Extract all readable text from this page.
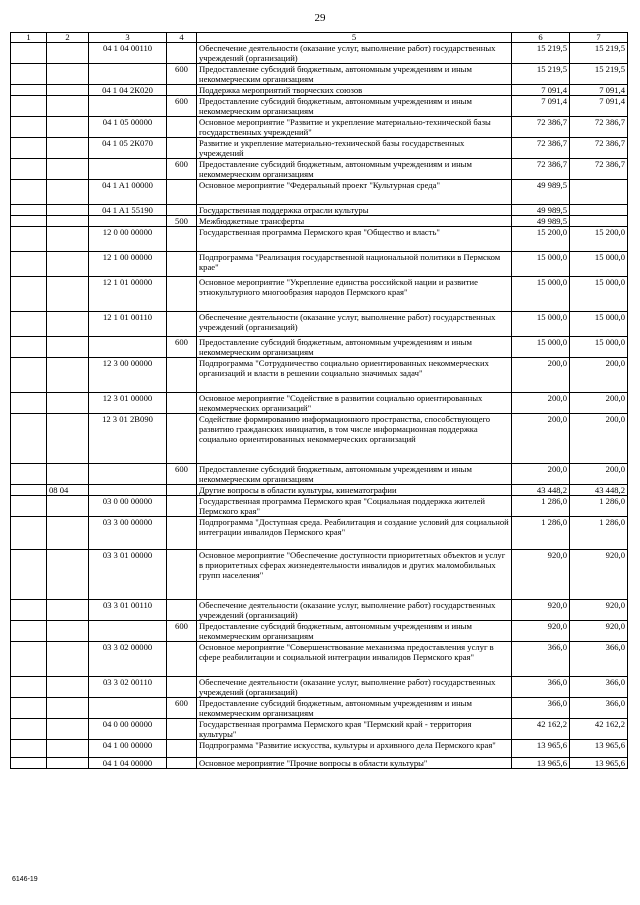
29
1	2	3	4	5	6	7
		04 1 04 00110		Обеспечение деятельности (оказание услуг, выполнение работ) государственных учреждений (организаций)	15 219,5	15 219,5
			600	Предоставление субсидий бюджетным, автономным учреждениям и иным некоммерческим организациям	15 219,5	15 219,5
		04 1 04 2К020		Поддержка мероприятий творческих союзов	7 091,4	7 091,4
			600	Предоставление субсидий бюджетным, автономным учреждениям и иным некоммерческим организациям	7 091,4	7 091,4
		04 1 05 00000		Основное мероприятие "Развитие и укрепление материально-технической базы государственных учреждений"	72 386,7	72 386,7
		04 1 05 2К070		Развитие и укрепление материально-технической базы государственных учреждений	72 386,7	72 386,7
			600	Предоставление субсидий бюджетным, автономным учреждениям и иным некоммерческим организациям	72 386,7	72 386,7
		04 1 A1 00000		Основное мероприятие "Федеральный проект "Культурная среда"	49 989,5	
		04 1 A1 55190		Государственная поддержка отрасли культуры	49 989,5	
			500	Межбюджетные трансферты	49 989,5	
		12 0 00 00000		Государственная программа Пермского края "Общество и власть"	15 200,0	15 200,0
		12 1 00 00000		Подпрограмма "Реализация государственной национальной политики в Пермском крае"	15 000,0	15 000,0
		12 1 01 00000		Основное мероприятие "Укрепление единства российской нации и развитие этнокультурного многообразия народов Пермского края"	15 000,0	15 000,0
		12 1 01 00110		Обеспечение деятельности (оказание услуг, выполнение работ) государственных учреждений (организаций)	15 000,0	15 000,0
			600	Предоставление субсидий бюджетным, автономным учреждениям и иным некоммерческим организациям	15 000,0	15 000,0
		12 3 00 00000		Подпрограмма "Сотрудничество социально ориентированных некоммерческих организаций и власти в решении социально значимых задач"	200,0	200,0
		12 3 01 00000		Основное мероприятие "Содействие в развитии социально ориентированных некоммерческих организаций"	200,0	200,0
		12 3 01 2В090		Содействие формированию информационного пространства, способствующего развитию гражданских инициатив, в том числе информационная поддержка социально ориентированных некоммерческих организаций	200,0	200,0
			600	Предоставление субсидий бюджетным, автономным учреждениям и иным некоммерческим организациям	200,0	200,0
	08 04			Другие вопросы в области культуры, кинематографии	43 448,2	43 448,2
		03 0 00 00000		Государственная программа Пермского края "Социальная поддержка жителей Пермского края"	1 286,0	1 286,0
		03 3 00 00000		Подпрограмма "Доступная среда. Реабилитация и создание условий для социальной интеграции инвалидов Пермского края"	1 286,0	1 286,0
		03 3 01 00000		Основное мероприятие "Обеспечение доступности приоритетных объектов и услуг в приоритетных сферах жизнедеятельности инвалидов и других маломобильных групп населения"	920,0	920,0
		03 3 01 00110		Обеспечение деятельности (оказание услуг, выполнение работ) государственных учреждений (организаций)	920,0	920,0
			600	Предоставление субсидий бюджетным, автономным учреждениям и иным некоммерческим организациям	920,0	920,0
		03 3 02 00000		Основное мероприятие "Совершенствование механизма предоставления услуг в сфере реабилитации и социальной интеграции инвалидов Пермского края"	366,0	366,0
		03 3 02 00110		Обеспечение деятельности (оказание услуг, выполнение работ) государственных учреждений (организаций)	366,0	366,0
			600	Предоставление субсидий бюджетным, автономным учреждениям и иным некоммерческим организациям	366,0	366,0
		04 0 00 00000		Государственная программа Пермского края "Пермский край - территория культуры"	42 162,2	42 162,2
		04 1 00 00000		Подпрограмма "Развитие искусства, культуры и архивного дела Пермского края"	13 965,6	13 965,6
		04 1 04 00000		Основное мероприятие "Прочие вопросы в области культуры"	13 965,6	13 965,6
6146-19
